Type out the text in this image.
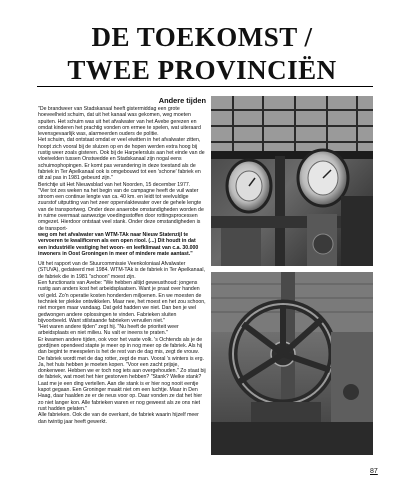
DE TOEKOMST /
TWEE PROVINCIËN

Andere tijden

"De brandweer van Stadskanaal heeft gistermiddag een grote hoeveelheid schuim, dat uit het kanaal was gekomen, weg moeten spuiten. Het schuim was uit het afvalwater van het Avebe gerezen en omdat kinderen het prachtig vonden om ermee te spelen, wat uiteraard levensgevaarlijk was, alarmeerden ouders de politie.

Het schuim, dat ontstaat omdat er veel eiwitten in het afvalwater zitten, hoopt zich vooral bij de sluizen op en de hopen werden extra hoog bij rustig weer zoals gisteren. Ook bij de Harpelersluis aan het einde van de vloeivelden tussen Onstwedde en Stadskanaal zijn nogal eens schuimophopingen. Er komt pas verandering in deze toestand als de fabriek in Ter Apelkanaal ook is omgebouwd tot een 'schone' fabriek en dit zal pas in 1981 gebeurd zijn."

Berichtje uit Het Nieuwsblad van het Noorden, 15 december 1977.

"Vier tot zes weken na het begin van de campagne heeft de vuil water stroom een continue lengte van ca. 40 km. en leidt tot veelvuldige zuurstof uitputting van het zeer oppervlaktewater over de gehele lengte van de transportweg. Onder deze anaerobe omstandigheden worden de in ruime overmaat aanwezige voedingsstoffen door rottingsprocessen omgezet. Hierdoor ontstaat veel stank. Onder deze omstandigheden is de transport-

weg om het afvalwater van WTM-TAk naar Nieuw Statenzijl te vervoeren te kwalificeren als een open riool. (...) Dit houdt in dat een industriële vestiging het woon- en leefklimaat van c.a. 30.000 inwoners in Oost Groningen in meer of mindere mate aantast."

Uit het rapport van de Stuurcommissie Veenkoloniaal Afvalwater (STUVA), gedateerd mei 1984. WTM-TAk is de fabriek in Ter Apelkanaal, de fabriek die in 1981 "schoon" moest zijn.

Een functionaris van Avebe: "We hebben altijd geweusthoud: jongens rustig aan anders kost het arbeidsplaatsen. Want je praat over handen vol geld. Zo'n operatie kosten honderden miljoenen. En we moesten de techniek ter plekke ontwikkelen. Maar nee, het moest en het zou schoon, niet morgen maar vandaag. Dat geld hadden we niet. Dan ben je wel gedwongen andere oplossingen te vinden. Fabrieken sluiten bijvoorbeeld. Want stilstaande fabrieken vervuilen niet."

"Het waren andere tijden" zegt hij. "Nu heeft de prioriteit weer arbeidsplaats en niet milieu. Nu valt er ineens te praten."

Er kwamen andere tijden, ook voor het vaste volk. 's Ochtends als je de gordijnen opendeed stapte je meer op in nog meer op de fabriek. Als hij dan begint te meespelen is het de rest van de dag mis, zegt de vrouw. De fabriek wordt met de dag rotter, zegt de man. Vooral 's winters is erg. Ja, het huis hebben je moeten kopen. "Voor een zacht prijsje, donkerweer. Hebben we er toch nog iets aan overgehouden." Zo staat bij de fabriek, wat moet het hier gestorven hebben? "Stank? Welke stank? Laat me je een ding vertellen. Aan die stank is er hier nog nooit eentje kapot gegaan. Een Groninger maakt niet om een luchtje. Maar in Den Haag, daar haalden ze er de neus voor op. Daar vonden ze dat het hier zo niet langer kon. Alle fabrieken waren er nog geweest als ze ons niet rust hadden gelaten."

Alle fabrieken. Ook die van de overkant, de fabriek waarin hijzelf meer dan twintig jaar heeft gewerkt.

87
